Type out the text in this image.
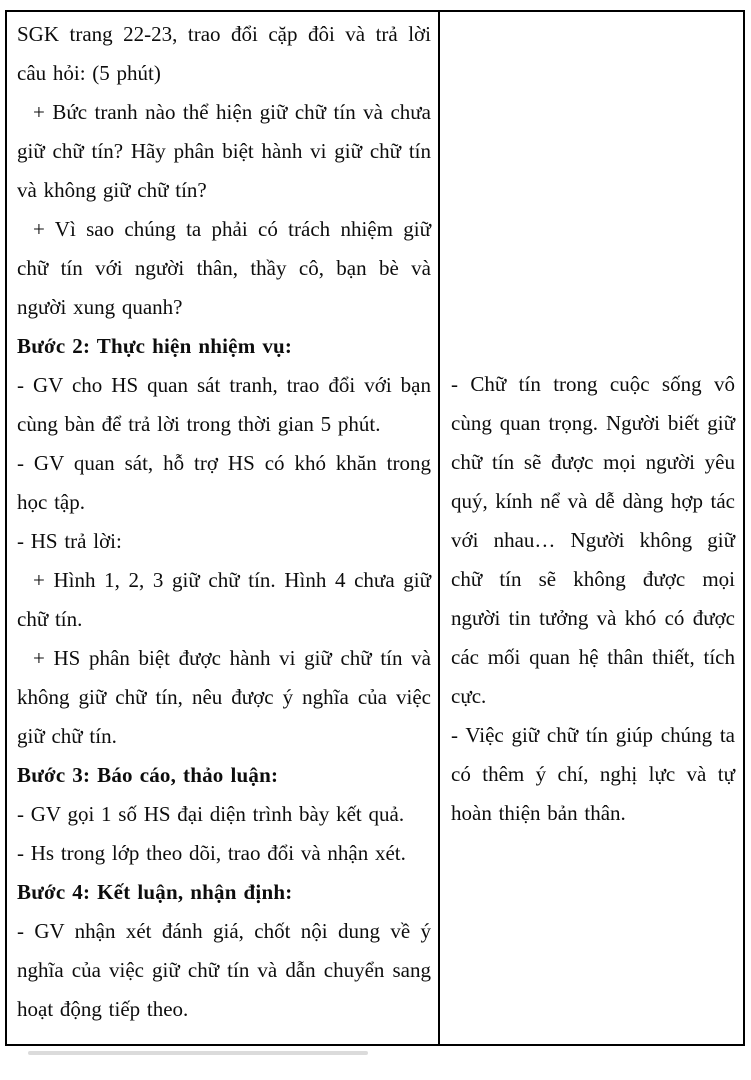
SGK trang 22-23, trao đổi cặp đôi và trả lời câu hỏi: (5 phút)

+ Bức tranh nào thể hiện giữ chữ tín và chưa giữ chữ tín? Hãy phân biệt hành vi giữ chữ tín và không giữ chữ tín?

+ Vì sao chúng ta phải có trách nhiệm giữ chữ tín với người thân, thầy cô, bạn bè và người xung quanh?

Bước 2: Thực hiện nhiệm vụ:

- GV cho HS quan sát tranh, trao đổi với bạn cùng bàn để trả lời trong thời gian 5 phút.

- GV quan sát, hỗ trợ HS có khó khăn trong học tập.

- HS trả lời:

+ Hình 1, 2, 3 giữ chữ tín. Hình 4 chưa giữ chữ tín.

+ HS phân biệt được hành vi giữ chữ tín và không giữ chữ tín, nêu được ý nghĩa của việc giữ chữ tín.

Bước 3: Báo cáo, thảo luận:

- GV gọi 1 số HS đại diện trình bày kết quả.

- Hs trong lớp theo dõi, trao đổi và nhận xét.

Bước 4: Kết luận, nhận định:

- GV nhận xét đánh giá, chốt nội dung về ý nghĩa của việc giữ chữ tín và dẫn chuyển sang hoạt động tiếp theo.

- Chữ tín trong cuộc sống vô cùng quan trọng. Người biết giữ chữ tín sẽ được mọi người yêu quý, kính nể và dễ dàng hợp tác với nhau… Người không giữ chữ tín sẽ không được mọi người tin tưởng và khó có được các mối quan hệ thân thiết, tích cực.

- Việc giữ chữ tín giúp chúng ta có thêm ý chí, nghị lực và tự hoàn thiện bản thân.
